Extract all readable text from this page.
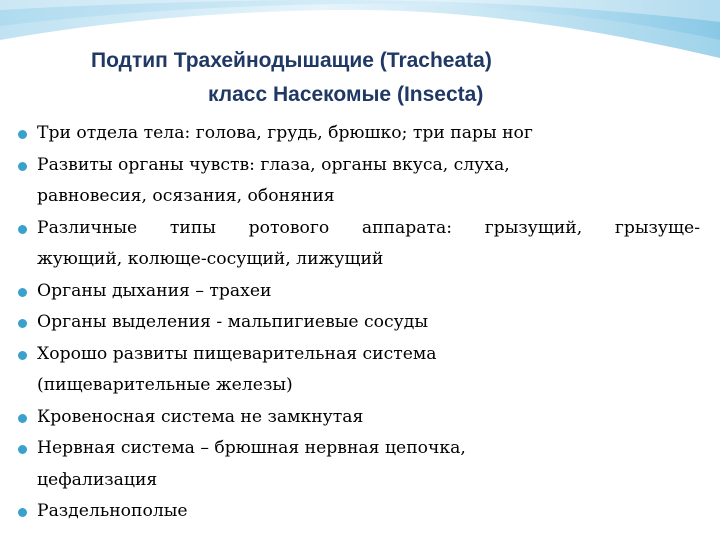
Подтип Трахейнодышащие (Tracheata)
класс Насекомые (Insecta)
Три отдела тела: голова, грудь, брюшко; три пары ног
Развиты органы чувств: глаза, органы вкуса, слуха,
равновесия, осязания, обоняния
Различные типы ротового аппарата: грызущий, грызуще-
жующий, колюще-сосущий, лижущий
Органы дыхания – трахеи
Органы выделения - мальпигиевые сосуды
Хорошо развиты пищеварительная система
(пищеварительные железы)
Кровеносная система не замкнутая
Нервная система – брюшная нервная цепочка,
цефализация
Раздельнополые
